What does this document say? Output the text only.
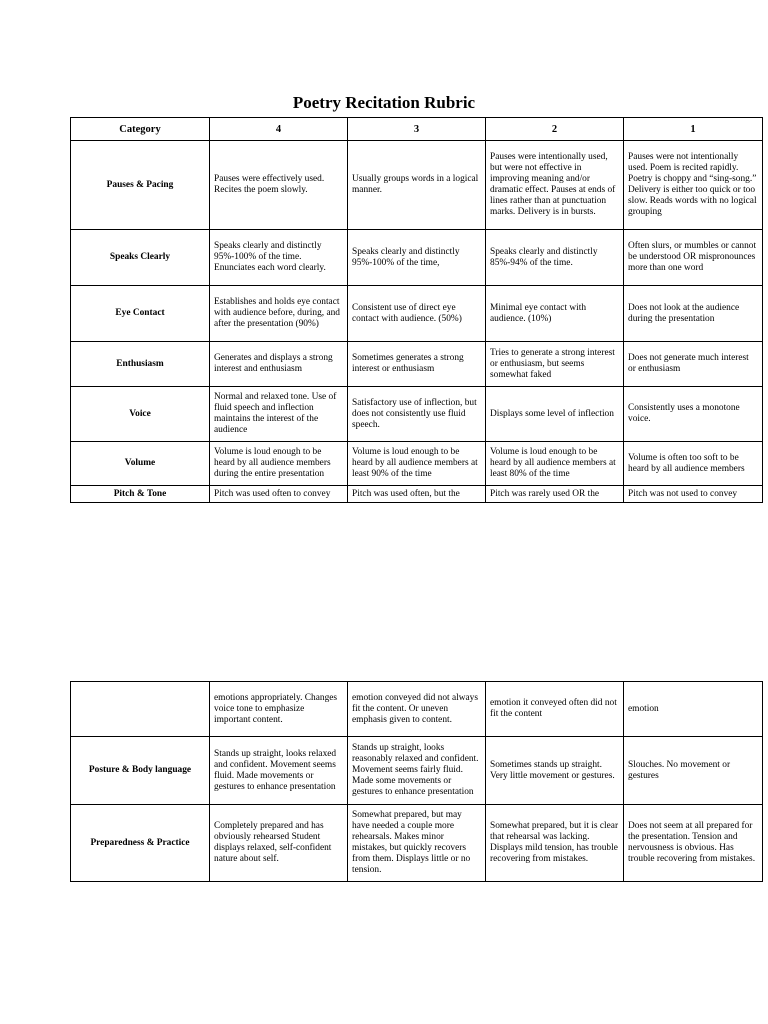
Poetry Recitation Rubric
Category	4	3	2	1
Pauses & Pacing	Pauses were effectively used. Recites the poem slowly.	Usually groups words in a logical manner.	Pauses were intentionally used, but were not effective in improving meaning and/or dramatic effect. Pauses at ends of lines rather than at punctuation marks. Delivery is in bursts.	Pauses were not intentionally used. Poem is recited rapidly. Poetry is choppy and “sing-song.” Delivery is either too quick or too slow. Reads words with no logical grouping
Speaks Clearly	Speaks clearly and distinctly 95%-100% of the time. Enunciates each word clearly.	Speaks clearly and distinctly 95%-100% of the time,	Speaks clearly and distinctly 85%-94% of the time.	Often slurs, or mumbles or cannot be understood OR mispronounces more than one word
Eye Contact	Establishes and holds eye contact with audience before, during, and after the presentation (90%)	Consistent use of direct eye contact with audience. (50%)	Minimal eye contact with audience. (10%)	Does not look at the audience during the presentation
Enthusiasm	Generates and displays a strong interest and enthusiasm	Sometimes generates a strong interest or enthusiasm	Tries to generate a strong interest or enthusiasm, but seems somewhat faked	Does not generate much interest or enthusiasm
Voice	Normal and relaxed tone. Use of fluid speech and inflection maintains the interest of the audience	Satisfactory use of inflection, but does not consistently use fluid speech.	Displays some level of inflection	Consistently uses a monotone voice.
Volume	Volume is loud enough to be heard by all audience members during the entire presentation	Volume is loud enough to be heard by all audience members at least 90% of the time	Volume is loud enough to be heard by all audience members at least 80% of the time	Volume is often too soft to be heard by all audience members
Pitch & Tone	Pitch was used often to convey	Pitch was used often, but the	Pitch was rarely used OR the	Pitch was not used to convey
	emotions appropriately. Changes voice tone to emphasize important content.	emotion conveyed did not always fit the content. Or uneven emphasis given to content.	emotion it conveyed often did not fit the content	emotion
Posture & Body language	Stands up straight, looks relaxed and confident. Movement seems fluid. Made movements or gestures to enhance presentation	Stands up straight, looks reasonably relaxed and confident. Movement seems fairly fluid. Made some movements or gestures to enhance presentation	Sometimes stands up straight. Very little movement or gestures.	Slouches. No movement or gestures
Preparedness & Practice	Completely prepared and has obviously rehearsed Student displays relaxed, self-confident nature about self.	Somewhat prepared, but may have needed a couple more rehearsals. Makes minor mistakes, but quickly recovers from them. Displays little or no tension.	Somewhat prepared, but it is clear that rehearsal was lacking. Displays mild tension, has trouble recovering from mistakes.	Does not seem at all prepared for the presentation. Tension and nervousness is obvious. Has trouble recovering from mistakes.
